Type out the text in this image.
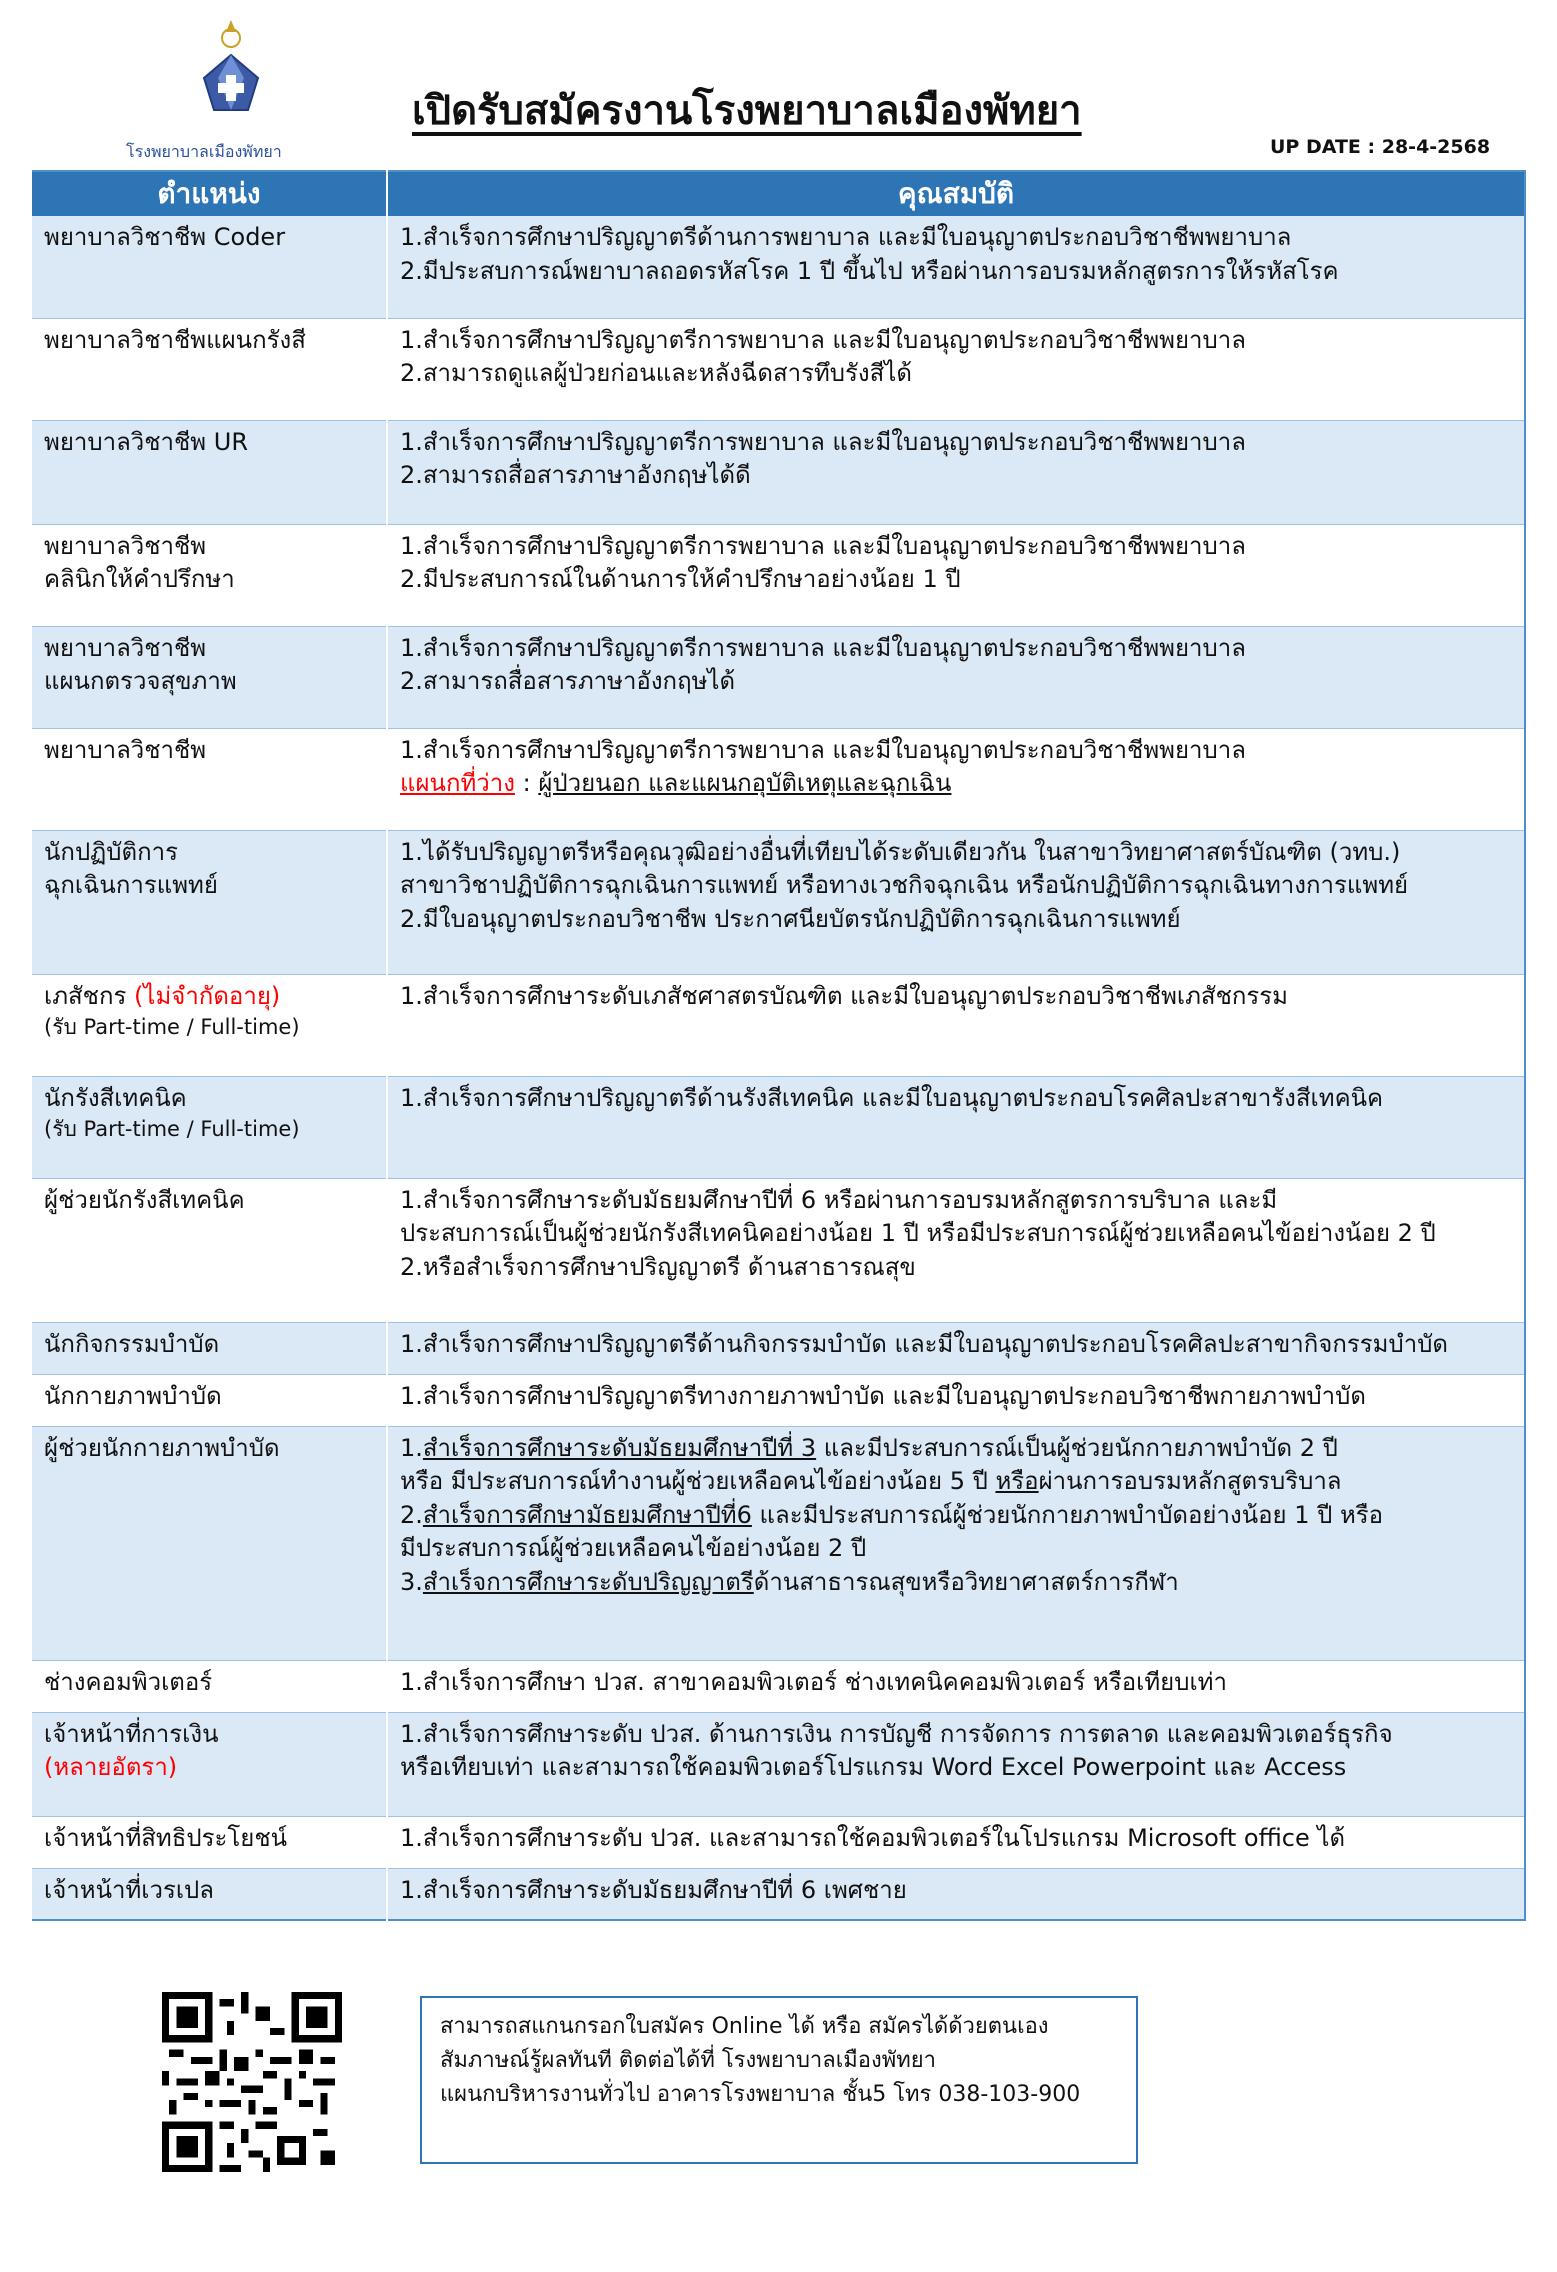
โรงพยาบาลเมืองพัทยา
เปิดรับสมัครงานโรงพยาบาลเมืองพัทยา
UP DATE : 28-4-2568
ตำแหน่ง	คุณสมบัติ

พยาบาลวิชาชีพ Coder	1.สำเร็จการศึกษาปริญญาตรีด้านการพยาบาล และมีใบอนุญาตประกอบวิชาชีพพยาบาล
2.มีประสบการณ์พยาบาลถอดรหัสโรค 1 ปี ขึ้นไป หรือผ่านการอบรมหลักสูตรการให้รหัสโรค

พยาบาลวิชาชีพแผนกรังสี	1.สำเร็จการศึกษาปริญญาตรีการพยาบาล และมีใบอนุญาตประกอบวิชาชีพพยาบาล
2.สามารถดูแลผู้ป่วยก่อนและหลังฉีดสารทึบรังสีได้

พยาบาลวิชาชีพ UR	1.สำเร็จการศึกษาปริญญาตรีการพยาบาล และมีใบอนุญาตประกอบวิชาชีพพยาบาล
2.สามารถสื่อสารภาษาอังกฤษได้ดี

พยาบาลวิชาชีพ
คลินิกให้คำปรึกษา	1.สำเร็จการศึกษาปริญญาตรีการพยาบาล และมีใบอนุญาตประกอบวิชาชีพพยาบาล
2.มีประสบการณ์ในด้านการให้คำปรึกษาอย่างน้อย 1 ปี

พยาบาลวิชาชีพ
แผนกตรวจสุขภาพ	1.สำเร็จการศึกษาปริญญาตรีการพยาบาล และมีใบอนุญาตประกอบวิชาชีพพยาบาล
2.สามารถสื่อสารภาษาอังกฤษได้

พยาบาลวิชาชีพ	1.สำเร็จการศึกษาปริญญาตรีการพยาบาล และมีใบอนุญาตประกอบวิชาชีพพยาบาล
แผนกที่ว่าง : ผู้ป่วยนอก และแผนกอุบัติเหตุและฉุกเฉิน

นักปฏิบัติการ
ฉุกเฉินการแพทย์	1.ได้รับปริญญาตรีหรือคุณวุฒิอย่างอื่นที่เทียบได้ระดับเดียวกัน ในสาขาวิทยาศาสตร์บัณฑิต (วทบ.)
สาขาวิชาปฏิบัติการฉุกเฉินการแพทย์ หรือทางเวชกิจฉุกเฉิน หรือนักปฏิบัติการฉุกเฉินทางการแพทย์
2.มีใบอนุญาตประกอบวิชาชีพ ประกาศนียบัตรนักปฏิบัติการฉุกเฉินการแพทย์

เภสัชกร (ไม่จำกัดอายุ)
(รับ Part-time / Full-time)	1.สำเร็จการศึกษาระดับเภสัชศาสตรบัณฑิต และมีใบอนุญาตประกอบวิชาชีพเภสัชกรรม

นักรังสีเทคนิค
(รับ Part-time / Full-time)	1.สำเร็จการศึกษาปริญญาตรีด้านรังสีเทคนิค และมีใบอนุญาตประกอบโรคศิลปะสาขารังสีเทคนิค

ผู้ช่วยนักรังสีเทคนิค	1.สำเร็จการศึกษาระดับมัธยมศึกษาปีที่ 6 หรือผ่านการอบรมหลักสูตรการบริบาล และมี
ประสบการณ์เป็นผู้ช่วยนักรังสีเทคนิคอย่างน้อย 1 ปี หรือมีประสบการณ์ผู้ช่วยเหลือคนไข้อย่างน้อย 2 ปี
2.หรือสำเร็จการศึกษาปริญญาตรี ด้านสาธารณสุข

นักกิจกรรมบำบัด	1.สำเร็จการศึกษาปริญญาตรีด้านกิจกรรมบำบัด และมีใบอนุญาตประกอบโรคศิลปะสาขากิจกรรมบำบัด

นักกายภาพบำบัด	1.สำเร็จการศึกษาปริญญาตรีทางกายภาพบำบัด และมีใบอนุญาตประกอบวิชาชีพกายภาพบำบัด

ผู้ช่วยนักกายภาพบำบัด	1.สำเร็จการศึกษาระดับมัธยมศึกษาปีที่ 3 และมีประสบการณ์เป็นผู้ช่วยนักกายภาพบำบัด 2 ปี
หรือ มีประสบการณ์ทำงานผู้ช่วยเหลือคนไข้อย่างน้อย 5 ปี หรือผ่านการอบรมหลักสูตรบริบาล
2.สำเร็จการศึกษามัธยมศึกษาปีที่6 และมีประสบการณ์ผู้ช่วยนักกายภาพบำบัดอย่างน้อย 1 ปี หรือ
มีประสบการณ์ผู้ช่วยเหลือคนไข้อย่างน้อย 2 ปี
3.สำเร็จการศึกษาระดับปริญญาตรีด้านสาธารณสุขหรือวิทยาศาสตร์การกีฬา

ช่างคอมพิวเตอร์	1.สำเร็จการศึกษา ปวส. สาขาคอมพิวเตอร์ ช่างเทคนิคคอมพิวเตอร์ หรือเทียบเท่า

เจ้าหน้าที่การเงิน
(หลายอัตรา)	1.สำเร็จการศึกษาระดับ ปวส. ด้านการเงิน การบัญชี การจัดการ การตลาด และคอมพิวเตอร์ธุรกิจ
หรือเทียบเท่า และสามารถใช้คอมพิวเตอร์โปรแกรม Word Excel Powerpoint และ Access

เจ้าหน้าที่สิทธิประโยชน์	1.สำเร็จการศึกษาระดับ ปวส. และสามารถใช้คอมพิวเตอร์ในโปรแกรม Microsoft office ได้

เจ้าหน้าที่เวรเปล	1.สำเร็จการศึกษาระดับมัธยมศึกษาปีที่ 6 เพศชาย
สามารถสแกนกรอกใบสมัคร Online ได้ หรือ สมัครได้ด้วยตนเอง
สัมภาษณ์รู้ผลทันที ติดต่อได้ที่ โรงพยาบาลเมืองพัทยา
แผนกบริหารงานทั่วไป อาคารโรงพยาบาล ชั้น5 โทร 038-103-900
